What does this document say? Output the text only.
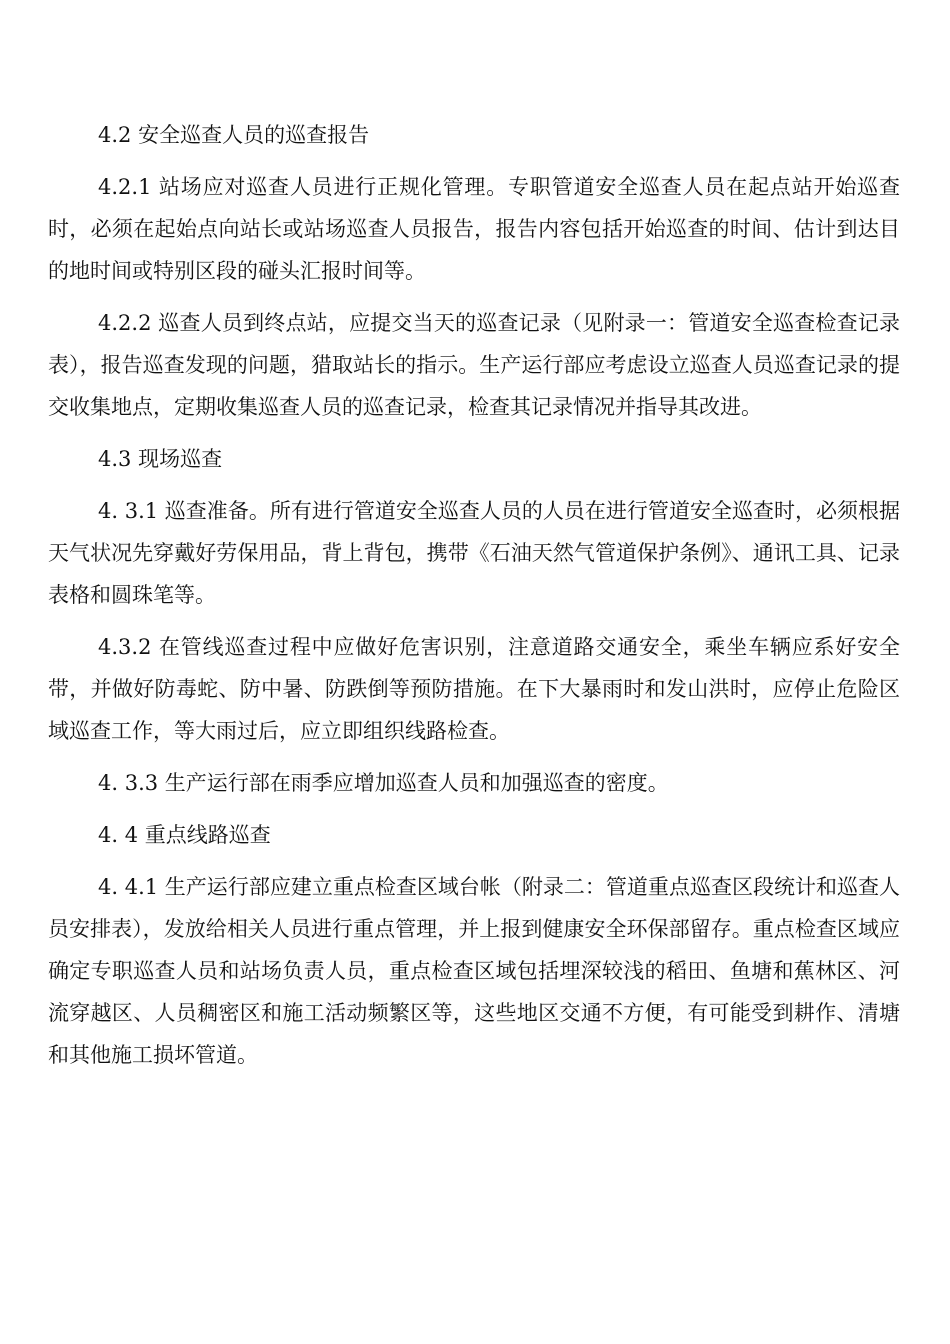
4.2 安全巡查人员的巡查报告

4.2.1 站场应对巡查人员进行正规化管理。专职管道安全巡查人员在起点站开始巡查时，必须在起始点向站长或站场巡查人员报告，报告内容包括开始巡查的时间、估计到达目的地时间或特别区段的碰头汇报时间等。

4.2.2 巡查人员到终点站，应提交当天的巡查记录（见附录一：管道安全巡查检查记录表），报告巡查发现的问题，猎取站长的指示。生产运行部应考虑设立巡查人员巡查记录的提交收集地点，定期收集巡查人员的巡查记录，检查其记录情况并指导其改进。

4.3 现场巡查

4. 3.1 巡查准备。所有进行管道安全巡查人员的人员在进行管道安全巡查时，必须根据天气状况先穿戴好劳保用品，背上背包，携带《石油天然气管道保护条例》、通讯工具、记录表格和圆珠笔等。

4.3.2 在管线巡查过程中应做好危害识别，注意道路交通安全，乘坐车辆应系好安全带，并做好防毒蛇、防中暑、防跌倒等预防措施。在下大暴雨时和发山洪时，应停止危险区域巡查工作，等大雨过后，应立即组织线路检查。

4. 3.3 生产运行部在雨季应增加巡查人员和加强巡查的密度。

4. 4 重点线路巡查

4. 4.1 生产运行部应建立重点检查区域台帐（附录二：管道重点巡查区段统计和巡查人员安排表），发放给相关人员进行重点管理，并上报到健康安全环保部留存。重点检查区域应确定专职巡查人员和站场负责人员，重点检查区域包括埋深较浅的稻田、鱼塘和蕉林区、河流穿越区、人员稠密区和施工活动频繁区等，这些地区交通不方便，有可能受到耕作、清塘和其他施工损坏管道。
